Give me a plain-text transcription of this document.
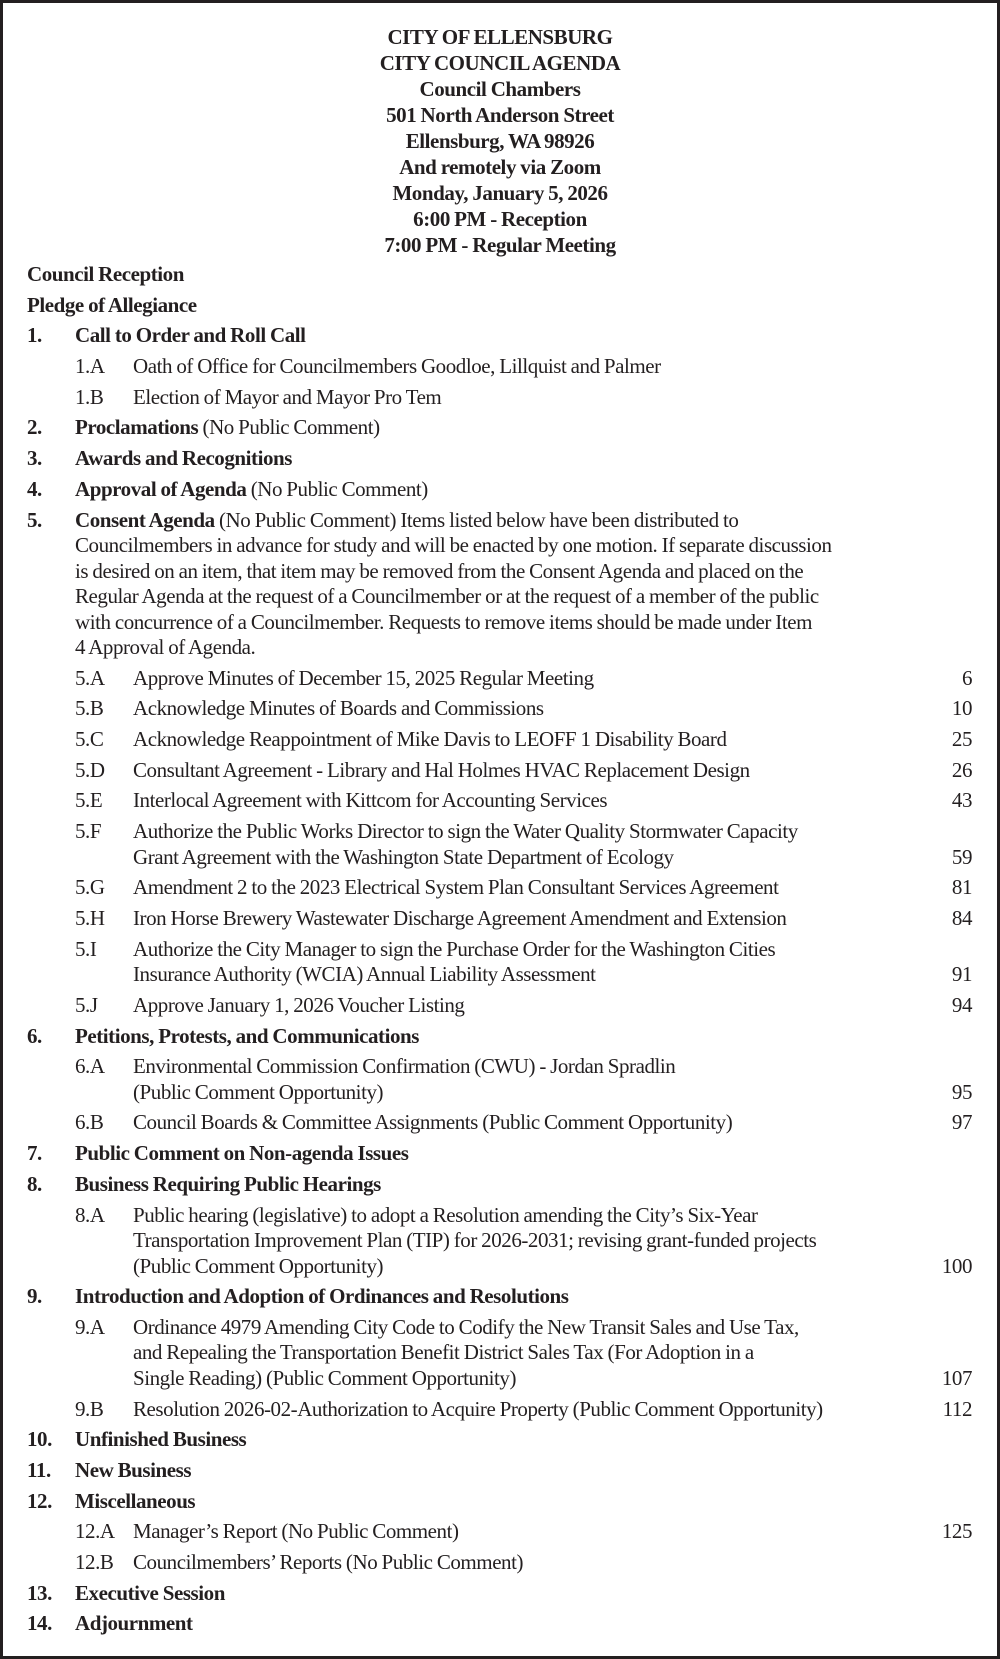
CITY OF ELLENSBURG
CITY COUNCIL AGENDA
Council Chambers
501 North Anderson Street
Ellensburg, WA 98926
And remotely via Zoom
Monday, January 5, 2026
6:00 PM - Reception
7:00 PM - Regular Meeting
Council Reception
Pledge of Allegiance
1. Call to Order and Roll Call
1.A Oath of Office for Councilmembers Goodloe, Lillquist and Palmer
1.B Election of Mayor and Mayor Pro Tem
2. Proclamations (No Public Comment)
3. Awards and Recognitions
4. Approval of Agenda (No Public Comment)
5. Consent Agenda (No Public Comment) Items listed below have been distributed to
Councilmembers in advance for study and will be enacted by one motion. If separate discussion
is desired on an item, that item may be removed from the Consent Agenda and placed on the
Regular Agenda at the request of a Councilmember or at the request of a member of the public
with concurrence of a Councilmember. Requests to remove items should be made under Item
4 Approval of Agenda.
5.A Approve Minutes of December 15, 2025 Regular Meeting	6
5.B Acknowledge Minutes of Boards and Commissions	10
5.C Acknowledge Reappointment of Mike Davis to LEOFF 1 Disability Board	25
5.D Consultant Agreement - Library and Hal Holmes HVAC Replacement Design	26
5.E Interlocal Agreement with Kittcom for Accounting Services	43
5.F Authorize the Public Works Director to sign the Water Quality Stormwater Capacity
Grant Agreement with the Washington State Department of Ecology	59
5.G Amendment 2 to the 2023 Electrical System Plan Consultant Services Agreement	81
5.H Iron Horse Brewery Wastewater Discharge Agreement Amendment and Extension	84
5.I Authorize the City Manager to sign the Purchase Order for the Washington Cities
Insurance Authority (WCIA) Annual Liability Assessment	91
5.J Approve January 1, 2026 Voucher Listing	94
6. Petitions, Protests, and Communications
6.A Environmental Commission Confirmation (CWU) - Jordan Spradlin
(Public Comment Opportunity)	95
6.B Council Boards & Committee Assignments (Public Comment Opportunity)	97
7. Public Comment on Non-agenda Issues
8. Business Requiring Public Hearings
8.A Public hearing (legislative) to adopt a Resolution amending the City’s Six-Year
Transportation Improvement Plan (TIP) for 2026-2031; revising grant-funded projects
(Public Comment Opportunity)	100
9. Introduction and Adoption of Ordinances and Resolutions
9.A Ordinance 4979 Amending City Code to Codify the New Transit Sales and Use Tax,
and Repealing the Transportation Benefit District Sales Tax (For Adoption in a
Single Reading) (Public Comment Opportunity)	107
9.B Resolution 2026-02-Authorization to Acquire Property (Public Comment Opportunity)	112
10. Unfinished Business
11. New Business
12. Miscellaneous
12.A Manager’s Report (No Public Comment)	125
12.B Councilmembers’ Reports (No Public Comment)
13. Executive Session
14. Adjournment
